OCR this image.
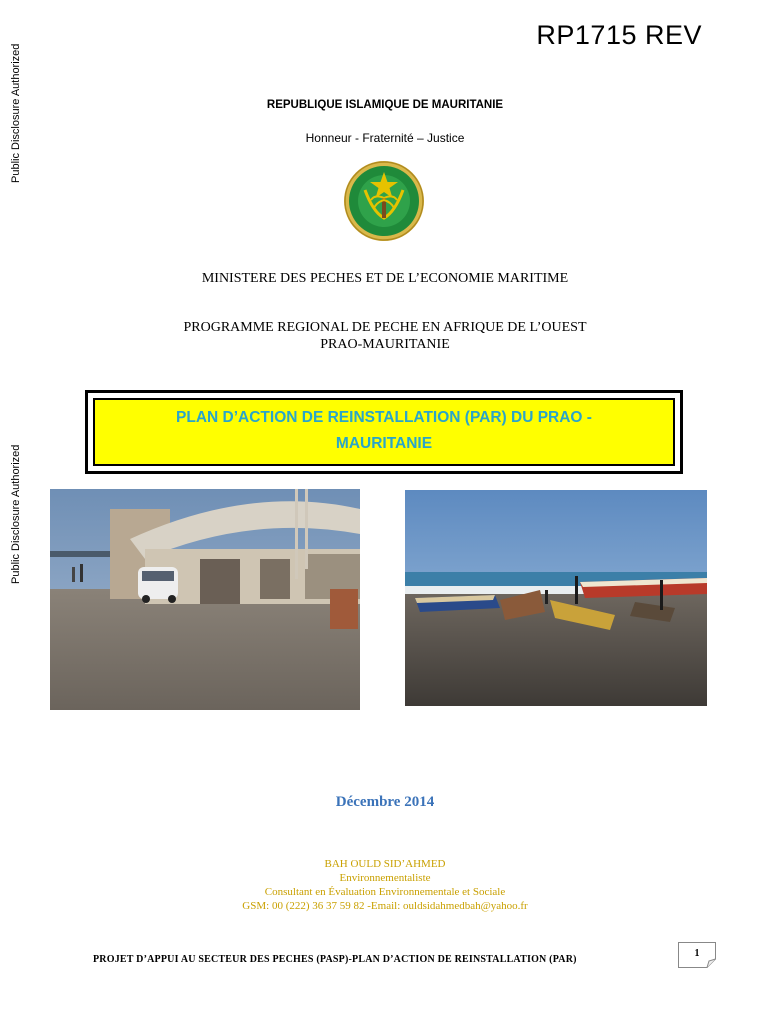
RP1715 REV
Public Disclosure Authorized
Public Disclosure Authorized
REPUBLIQUE ISLAMIQUE DE MAURITANIE
Honneur - Fraternité – Justice
MINISTERE DES PECHES ET DE L’ECONOMIE MARITIME
PROGRAMME REGIONAL DE PECHE EN AFRIQUE DE L’OUEST
PRAO-MAURITANIE
PLAN D’ACTION DE REINSTALLATION (PAR) DU PRAO -
MAURITANIE
Décembre 2014
BAH OULD SID’AHMED
Environnementaliste
Consultant en Évaluation Environnementale et Sociale
GSM: 00 (222) 36 37 59 82 -Email: ouldsidahmedbah@yahoo.fr
PROJET D’APPUI AU SECTEUR DES PECHES (PASP)-PLAN D’ACTION DE REINSTALLATION (PAR)
1
